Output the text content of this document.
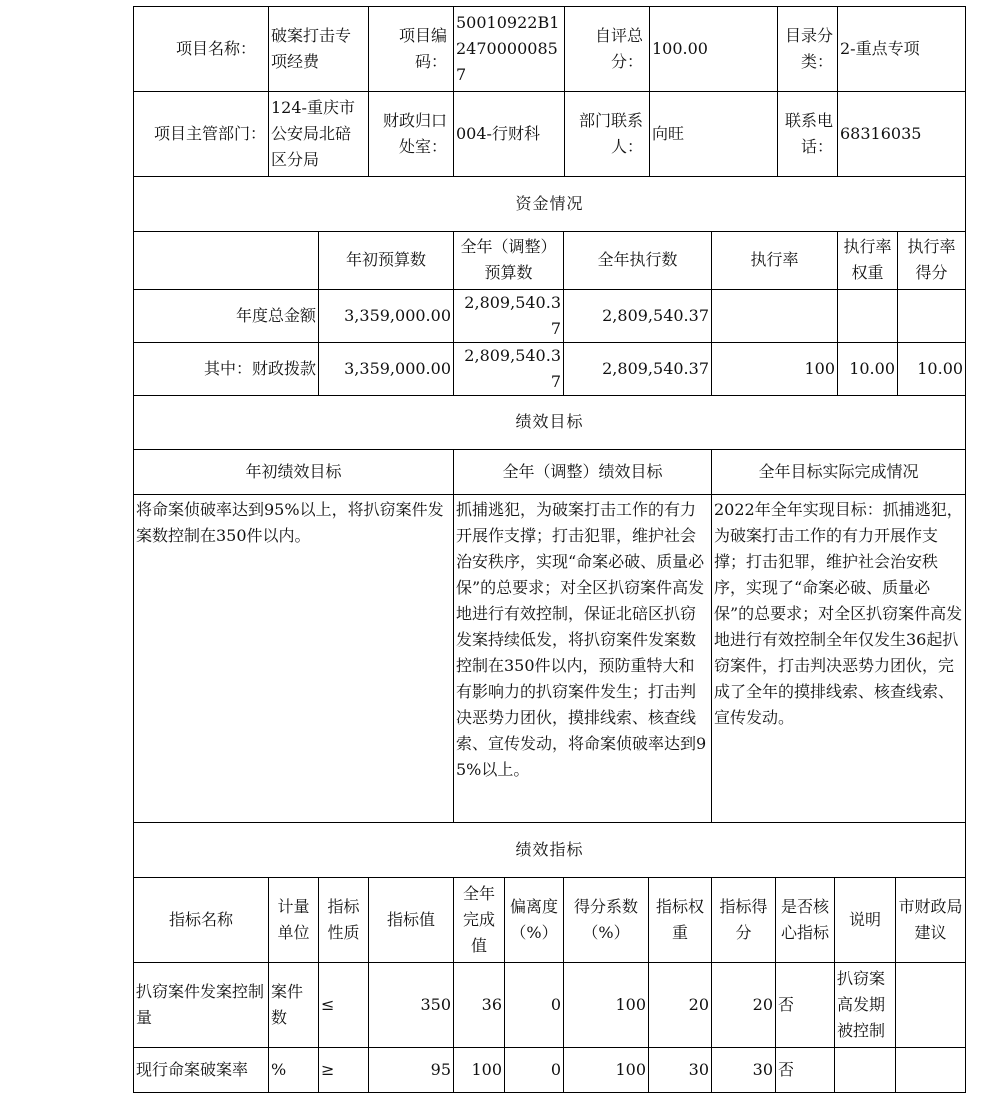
项目名称：	破案打击专项经费	项目编码：	50010922B124700000857	自评总分：	100.00	目录分类：	2-重点专项
项目主管部门：	124-重庆市公安局北碚区分局	财政归口处室：	004-行财科	部门联系人：	向旺	联系电话：	68316035
资金情况						
	年初预算数	全年（调整）预算数	全年执行数	执行率	执行率权重	执行率得分
年度总金额	3,359,000.00	2,809,540.37	2,809,540.37			
其中：财政拨款	3,359,000.00	2,809,540.37	2,809,540.37	100	10.00	10.00
绩效目标		
年初绩效目标	全年（调整）绩效目标	全年目标实际完成情况
将命案侦破率达到95%以上，将扒窃案件发案数控制在350件以内。	抓捕逃犯，为破案打击工作的有力开展作支撑；打击犯罪，维护社会治安秩序，实现“命案必破、质量必保”的总要求；对全区扒窃案件高发地进行有效控制，保证北碚区扒窃发案持续低发，将扒窃案件发案数控制在350件以内，预防重特大和有影响力的扒窃案件发生；打击判决恶势力团伙，摸排线索、核查线索、宣传发动，将命案侦破率达到95%以上。	2022年全年实现目标：抓捕逃犯，为破案打击工作的有力开展作支撑；打击犯罪，维护社会治安秩序，实现了“命案必破、质量必保”的总要求；对全区扒窃案件高发地进行有效控制全年仅发生36起扒窃案件，打击判决恶势力团伙，完成了全年的摸排线索、核查线索、宣传发动。
绩效指标											
指标名称	计量单位	指标性质	指标值	全年完成值	偏离度（%）	得分系数（%）	指标权重	指标得分	是否核心指标	说明	市财政局建议
扒窃案件发案控制量	案件数	≤	350	36	0	100	20	20	否	扒窃案高发期被控制	
现行命案破案率	%	≥	95	100	0	100	30	30	否		
